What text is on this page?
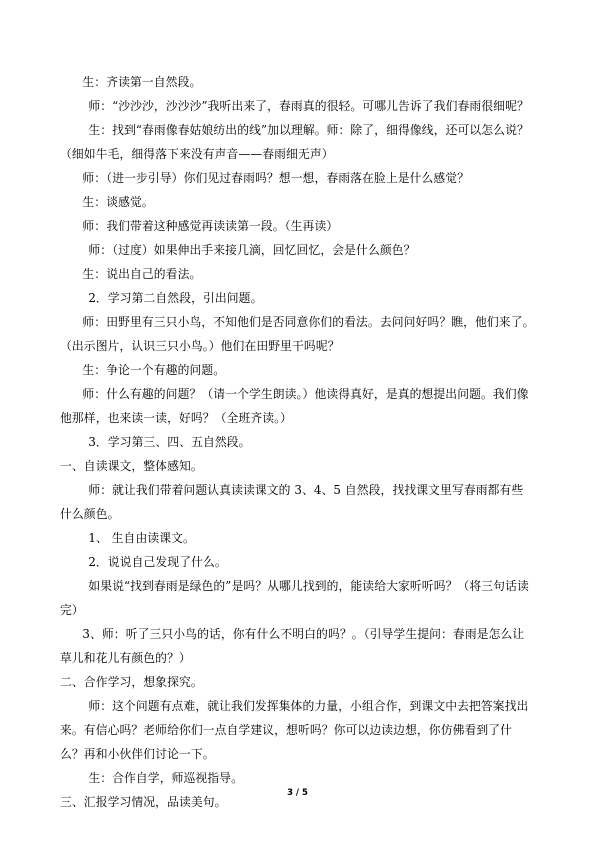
生：齐读第一自然段。

师：“沙沙沙，沙沙沙”我听出来了，春雨真的很轻。可哪儿告诉了我们春雨很细呢？

生：找到“春雨像春姑娘纺出的线”加以理解。师：除了，细得像线，还可以怎么说？（细如牛毛，细得落下来没有声音——春雨细无声）

师：（进一步引导）你们见过春雨吗？想一想，春雨落在脸上是什么感觉？

生：谈感觉。

师：我们带着这种感觉再读读第一段。（生再读）

师：（过度）如果伸出手来接几滴，回忆回忆，会是什么颜色？

生：说出自己的看法。

2．学习第二自然段，引出问题。

师：田野里有三只小鸟，不知他们是否同意你们的看法。去问问好吗？瞧，他们来了。（出示图片，认识三只小鸟。）他们在田野里干吗呢？

生：争论一个有趣的问题。

师：什么有趣的问题？（请一个学生朗读。）他读得真好，是真的想提出问题。我们像他那样，也来读一读，好吗？（全班齐读。）

3．学习第三、四、五自然段。

一、自读课文，整体感知。

师：就让我们带着问题认真读读课文的 3、4、5 自然段，找找课文里写春雨都有些什么颜色。

1、 生自由读课文。

2．说说自己发现了什么。

如果说“找到春雨是绿色的”是吗？从哪儿找到的，能读给大家听听吗？（将三句话读完）

3、师：听了三只小鸟的话，你有什么不明白的吗？。（引导学生提问：春雨是怎么让草儿和花儿有颜色的？）

二、合作学习，想象探究。

师：这个问题有点难，就让我们发挥集体的力量，小组合作，到课文中去把答案找出来。有信心吗？老师给你们一点自学建议，想听吗？你可以边读边想，你仿佛看到了什么？再和小伙伴们讨论一下。

生：合作自学，师巡视指导。

三、汇报学习情况，品读美句。

3 / 5
